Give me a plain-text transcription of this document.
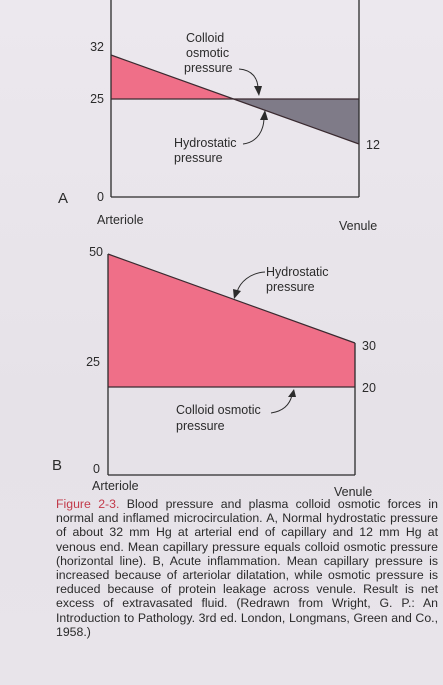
32
25
0
12
Arteriole	Venule
A
Colloid
osmotic
pressure
Hydrostatic
pressure
50
25
0
30
20
Arteriole	Venule
B
Hydrostatic
pressure
Colloid osmotic
pressure
Figure 2-3. Blood pressure and plasma colloid osmotic forces in normal and inflamed microcirculation. A, Normal hydrostatic pressure of about 32 mm Hg at arterial end of capillary and 12 mm Hg at venous end. Mean capillary pressure equals colloid osmotic pressure (horizontal line). B, Acute inflammation. Mean capillary pressure is increased because of arteriolar dilatation, while osmotic pressure is reduced because of protein leakage across venule. Result is net excess of extravasated fluid. (Redrawn from Wright, G. P.: An Introduction to Pathology. 3rd ed. London, Longmans, Green and Co., 1958.)
